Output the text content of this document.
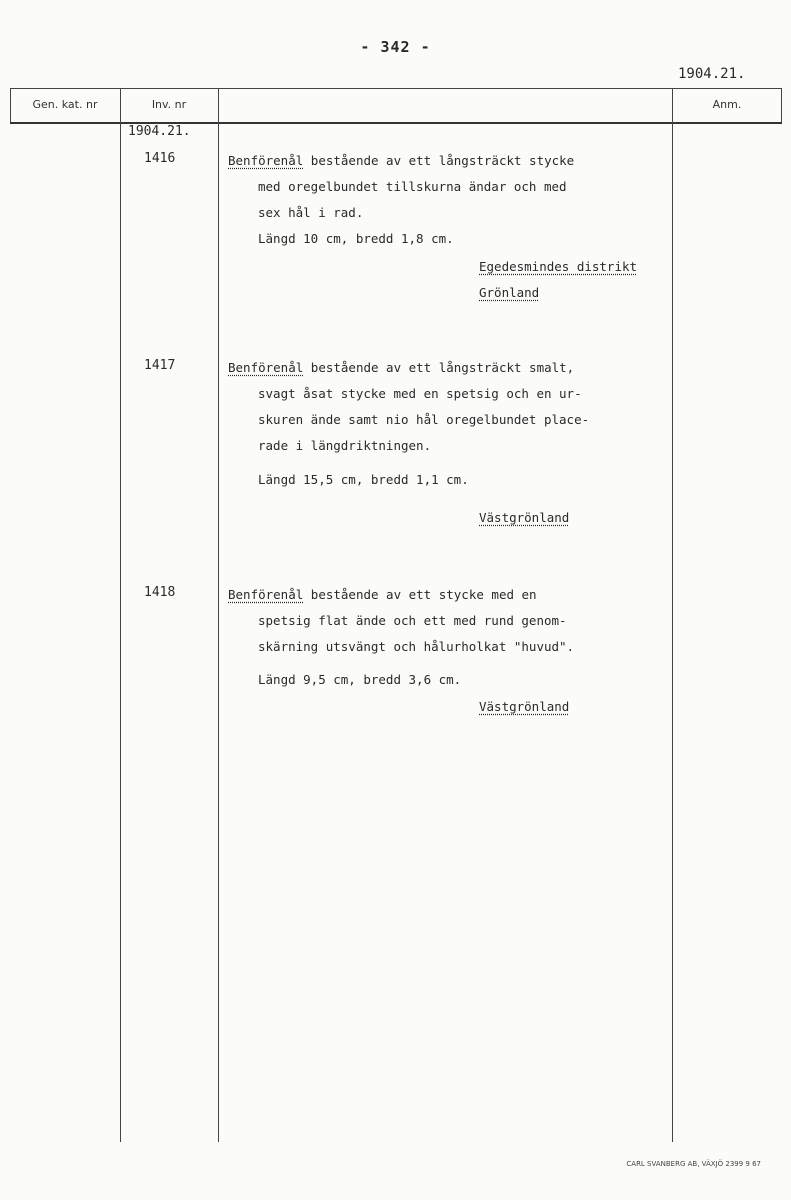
- 342 -
1904.21.
Gen. kat. nr	Inv. nr	Anm.
1904.21.
1416	Benförenål bestående av ett långsträckt stycke
med oregelbundet tillskurna ändar och med
sex hål i rad.
Längd 10 cm, bredd 1,8 cm.
Egedesmindes distrikt
Grönland
1417	Benförenål bestående av ett långsträckt smalt,
svagt åsat stycke med en spetsig och en ur-
skuren ände samt nio hål oregelbundet place-
rade i längdriktningen.
Längd 15,5 cm, bredd 1,1 cm.
Västgrönland
1418	Benförenål bestående av ett stycke med en
spetsig flat ände och ett med rund genom-
skärning utsvängt och hålurholkat "huvud".
Längd 9,5 cm, bredd 3,6 cm.
Västgrönland
CARL SVANBERG AB, VÄXJÖ 2399 9 67
